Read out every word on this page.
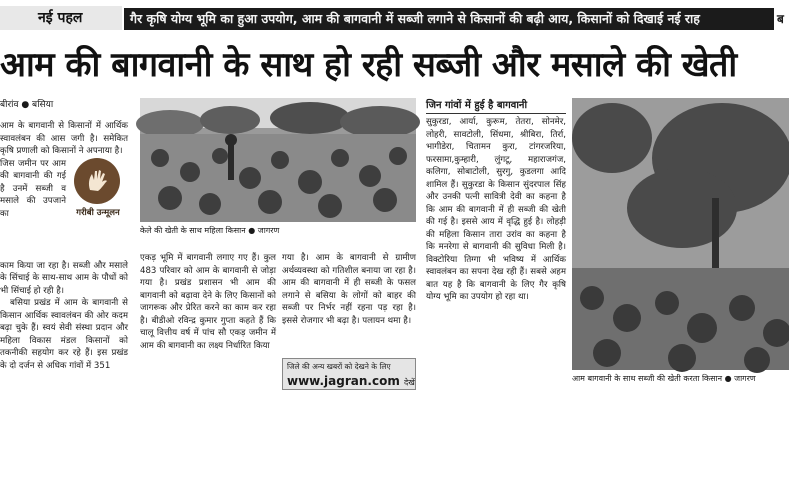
नई पहल	गैर कृषि योग्य भूमि का हुआ उपयोग, आम की बागवानी में सब्जी लगाने से किसानों की बढ़ी आय, किसानों को दिखाई नई राह	ब
आम की बागवानी के साथ हो रही सब्जी और मसाले की खेती
बीरांव ● बसिया

आम के बागवानी से किसानों में आर्थिक स्वावलंबन की आस जगी है। समेकित कृषि प्रणाली को किसानों ने अपनाया है।

जिस जमीन पर आम की बागवानी की गई है उनमें सब्जी व मसाले की उपजाने का	गरीबी उन्मूलन
काम किया जा रहा है। सब्जी और मसाले के सिंचाई के साथ-साथ आम के पौधों को भी सिंचाई हो रही है।
बसिया प्रखंड में आम के बागवानी से किसान आर्थिक स्वावलंबन की ओर कदम बढ़ा चुके हैं। स्वयं सेवी संस्था प्रदान और महिला विकास मंडल किसानों को तकनीकी सहयोग कर रहे हैं। इस प्रखंड के दो दर्जन से अधिक गांवों में 351
केले की खेती के साथ महिला किसान ● जागरण
एकड़ भूमि में बागवानी लगाए गए हैं। कुल 483 परिवार को आम के बागवानी से जोड़ा गया है। प्रखंड प्रशासन भी आम की बागवानी को बढ़ावा देने के लिए किसानों को जागरूक और प्रेरित करने का काम कर रहा है। बीडीओ रविन्द्र कुमार गुप्ता कहते हैं कि चालू वित्तीय वर्ष में पांच सौ एकड़ जमीन में आम की बागवानी का लक्ष्य निर्धारित किया
गया है। आम के बागवानी से ग्रामीण अर्थव्यवस्था को गतिशील बनाया जा रहा है। आम की बागवानी में ही सब्जी के फसल लगाने से बसिया के लोगों को बाहर की सब्जी पर निर्भर नहीं रहना पड़ रहा है। इससे रोजगार भी बढ़ा है। पलायन थमा है।
जिले की अन्य खबरों को देखने के लिए
www.jagran.com देखें
जिन गांवों में हुई है बागवानी
सुकुरडा, आर्या, कुरूम, तेतरा, सोनमेर, लोहरी, सावटोली, सिंधमा, श्रीबिरा, तिर्रा, भागीडेरा, चितामन कुरा, टांगरजरिया, फरसामा,कुम्हारी, लुंगटू, महाराजगंज, कलिगा, सोबाटोली, सुरगु, कुडलगा आदि शामिल हैं। सुकुरडा के किसान सुंदरपाल सिंह और उनकी पत्नी सावित्री देवी का कहना है कि आम की बागवानी में ही सब्जी की खेती की गई है। इससे आय में वृद्धि हुई है। लोहड़ी की महिला किसान तारा उरांव का कहना है कि मनरेगा से बागवानी की सुविधा मिली है। विक्टोरिया तिग्गा भी भविष्य में आर्थिक स्वावलंबन का सपना देख रही हैं। सबसे अहम बात यह है कि बागवानी के लिए गैर कृषि योग्य भूमि का उपयोग हो रहा था।
आम बागवानी के साथ सब्जी की खेती करता किसान ● जागरण
